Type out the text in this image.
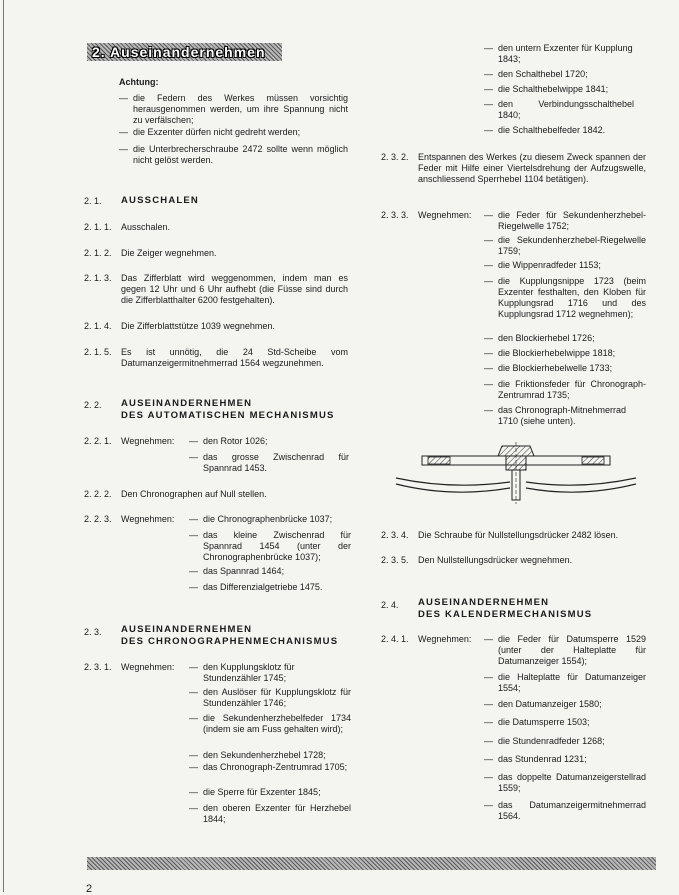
2. Auseinandernehmen
Achtung:
— die Federn des Werkes müssen vorsichtig herausgenommen werden, um ihre Spannung nicht zu verfälschen;
— die Exzenter dürfen nicht gedreht werden;
— die Unterbrecherschraube 2472 sollte wenn möglich nicht gelöst werden.
2. 1. AUSSCHALEN
2. 1. 1. Ausschalen.
2. 1. 2. Die Zeiger wegnehmen.
2. 1. 3. Das Zifferblatt wird weggenommen, indem man es gegen 12 Uhr und 6 Uhr aufhebt (die Füsse sind durch die Zifferblatthalter 6200 festgehalten).
2. 1. 4. Die Zifferblattstütze 1039 wegnehmen.
2. 1. 5. Es ist unnötig, die 24 Std-Scheibe vom Datumanzeigermitnehmerrad 1564 wegzunehmen.
2. 2. AUSEINANDERNEHMEN
DES AUTOMATISCHEN MECHANISMUS
2. 2. 1. Wegnehmen:	— den Rotor 1026;
— das grosse Zwischenrad für Spannrad 1453.
2. 2. 2. Den Chronographen auf Null stellen.
2. 2. 3. Wegnehmen:	— die Chronographenbrücke 1037;
— das kleine Zwischenrad für Spannrad 1454 (unter der Chronographenbrücke 1037);
— das Spannrad 1464;
— das Differenzialgetriebe 1475.
2. 3. AUSEINANDERNEHMEN
DES CHRONOGRAPHENMECHANISMUS
2. 3. 1. Wegnehmen:	— den Kupplungsklotz für Stundenzähler 1745;
— den Auslöser für Kupplungsklotz für Stundenzähler 1746;
— die Sekundenherzhebelfeder 1734 (indem sie am Fuss gehalten wird);
— den Sekundenherzhebel 1728;
— das Chronograph-Zentrumrad 1705;
— die Sperre für Exzenter 1845;
— den oberen Exzenter für Herzhebel 1844;
— den untern Exzenter für Kupplung 1843;
— den Schalthebel 1720;
— die Schalthebelwippe 1841;
— den Verbindungsschalthebel 1840;
— die Schalthebelfeder 1842.
2. 3. 2. Entspannen des Werkes (zu diesem Zweck spannen der Feder mit Hilfe einer Viertelsdrehung der Aufzugswelle, anschliessend Sperrhebel 1104 betätigen).
2. 3. 3. Wegnehmen:	— die Feder für Sekundenherzhebel-Riegelwelle 1752;
— die Sekundenherzhebel-Riegelwelle 1759;
— die Wippenradfeder 1153;
— die Kupplungsnippe 1723 (beim Exzenter festhalten, den Kloben für Kupplungsrad 1716 und des Kupplungsrad 1712 wegnehmen);
— den Blockierhebel 1726;
— die Blockierhebelwippe 1818;
— die Blockierhebelwelle 1733;
— die Friktionsfeder für Chronograph-Zentrumrad 1735;
— das Chronograph-Mitnehmerrad 1710 (siehe unten).
2. 3. 4. Die Schraube für Nullstellungsdrücker 2482 lösen.
2. 3. 5. Den Nullstellungsdrücker wegnehmen.
2. 4. AUSEINANDERNEHMEN
DES KALENDERMECHANISMUS
2. 4. 1. Wegnehmen:	— die Feder für Datumsperre 1529 (unter der Halteplatte für Datumanzeiger 1554);
— die Halteplatte für Datumanzeiger 1554;
— den Datumanzeiger 1580;
— die Datumsperre 1503;
— die Stundenradfeder 1268;
— das Stundenrad 1231;
— das doppelte Datumanzeigerstellrad 1559;
— das Datumanzeigermitnehmerrad 1564.
2
